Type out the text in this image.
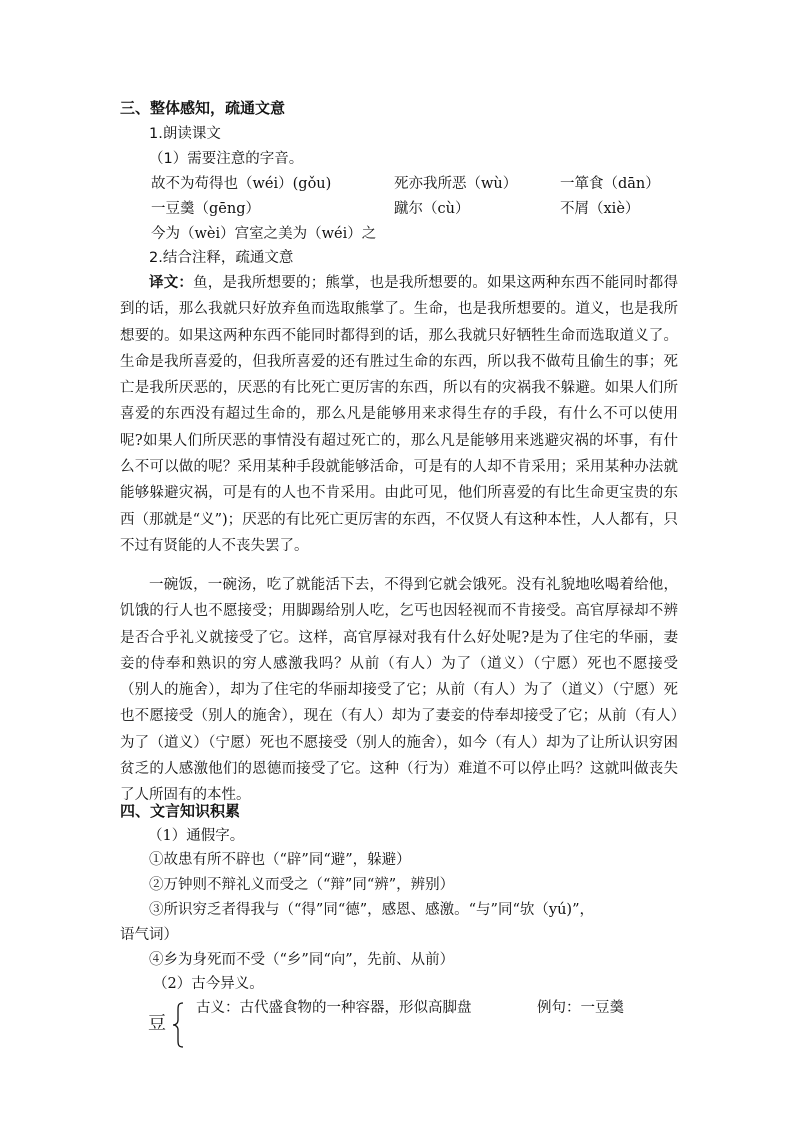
三、整体感知，疏通文意
1.朗读课文
（1）需要注意的字音。
故不为苟得也（wéi）(gǒu)	死亦我所恶（wù）	一箪食（dān）
一豆羹（gēng）	蹴尔（cù）	不屑（xiè）
今为（wèi）宫室之美为（wéi）之
2.结合注释，疏通文意

译文：鱼，是我所想要的；熊掌，也是我所想要的。如果这两种东西不能同时都得到的话，那么我就只好放弃鱼而选取熊掌了。生命，也是我所想要的。道义，也是我所想要的。如果这两种东西不能同时都得到的话，那么我就只好牺牲生命而选取道义了。生命是我所喜爱的，但我所喜爱的还有胜过生命的东西，所以我不做苟且偷生的事；死亡是我所厌恶的，厌恶的有比死亡更厉害的东西，所以有的灾祸我不躲避。如果人们所喜爱的东西没有超过生命的，那么凡是能够用来求得生存的手段，有什么不可以使用呢?如果人们所厌恶的事情没有超过死亡的，那么凡是能够用来逃避灾祸的坏事，有什么不可以做的呢？采用某种手段就能够活命，可是有的人却不肯采用；采用某种办法就能够躲避灾祸，可是有的人也不肯采用。由此可见，他们所喜爱的有比生命更宝贵的东西（那就是“义”)；厌恶的有比死亡更厉害的东西，不仅贤人有这种本性，人人都有，只不过有贤能的人不丧失罢了。

一碗饭，一碗汤，吃了就能活下去，不得到它就会饿死。没有礼貌地吆喝着给他，饥饿的行人也不愿接受；用脚踢给别人吃，乞丐也因轻视而不肯接受。高官厚禄却不辨是否合乎礼义就接受了它。这样，高官厚禄对我有什么好处呢?是为了住宅的华丽，妻妾的侍奉和熟识的穷人感激我吗？从前（有人）为了（道义）（宁愿）死也不愿接受（别人的施舍），却为了住宅的华丽却接受了它；从前（有人）为了（道义）（宁愿）死也不愿接受（别人的施舍），现在（有人）却为了妻妾的侍奉却接受了它；从前（有人）为了（道义）（宁愿）死也不愿接受（别人的施舍），如今（有人）却为了让所认识穷困贫乏的人感激他们的恩德而接受了它。这种（行为）难道不可以停止吗？这就叫做丧失了人所固有的本性。

四、文言知识积累
（1）通假字。
①故患有所不辟也（“辟”同“避”，躲避）
②万钟则不辩礼义而受之（“辩”同“辨”，辨别）
③所识穷乏者得我与（“得”同“德”，感恩、感激。“与”同“欤（yú)”，
语气词）
④乡为身死而不受（“乡”同“向”，先前、从前）
（2）古今异义。
豆
古义：古代盛食物的一种容器，形似高脚盘	例句：一豆羹
